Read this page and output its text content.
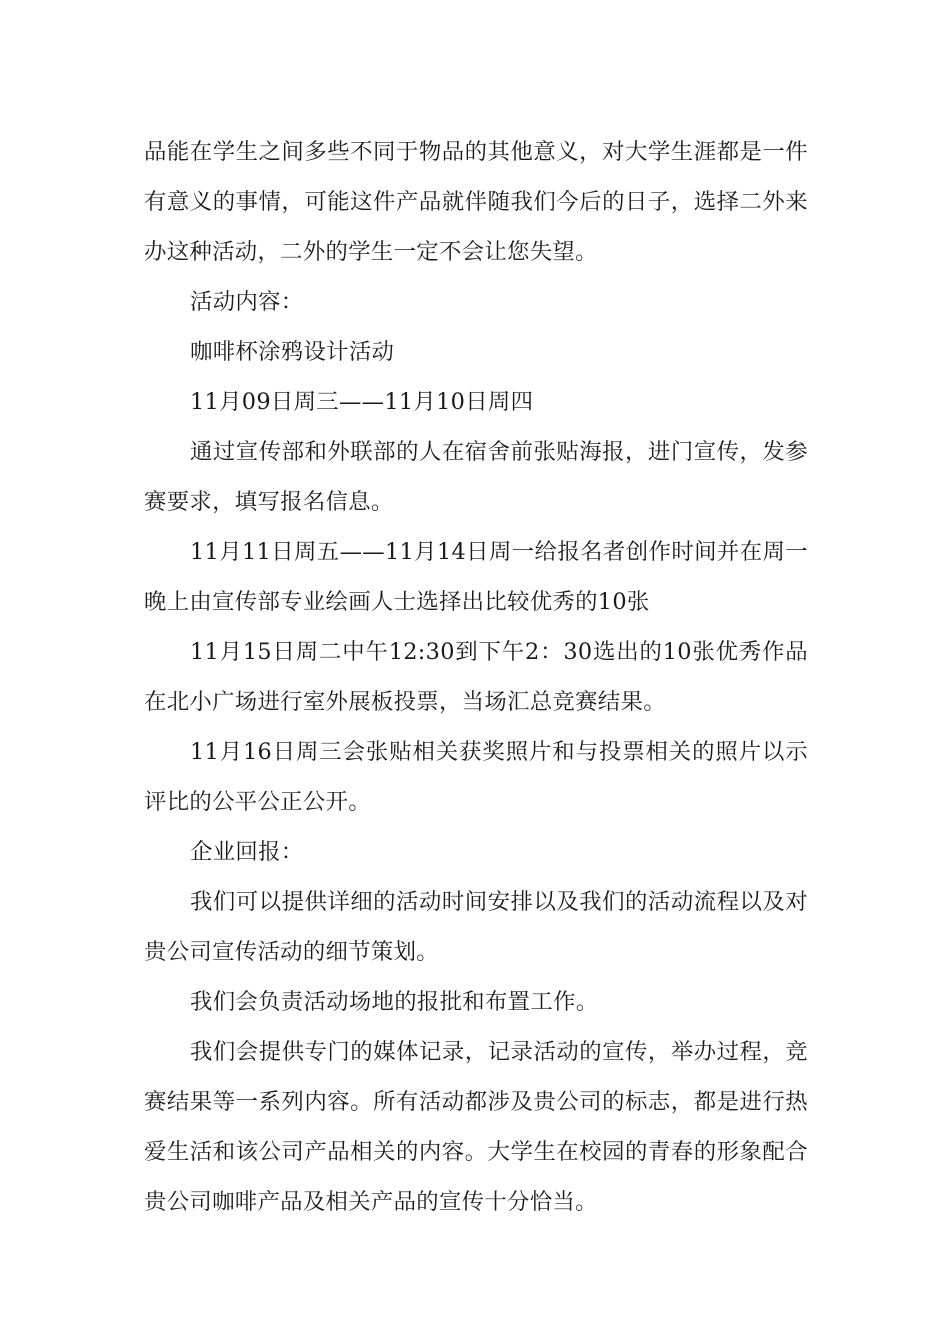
品能在学生之间多些不同于物品的其他意义，对大学生涯都是一件有意义的事情，可能这件产品就伴随我们今后的日子，选择二外来办这种活动，二外的学生一定不会让您失望。

活动内容：

咖啡杯涂鸦设计活动

11月09日周三——11月10日周四

通过宣传部和外联部的人在宿舍前张贴海报，进门宣传，发参赛要求，填写报名信息。

11月11日周五——11月14日周一给报名者创作时间并在周一晚上由宣传部专业绘画人士选择出比较优秀的10张

11月15日周二中午12:30到下午2：30选出的10张优秀作品在北小广场进行室外展板投票，当场汇总竞赛结果。

11月16日周三会张贴相关获奖照片和与投票相关的照片以示评比的公平公正公开。

企业回报：

我们可以提供详细的活动时间安排以及我们的活动流程以及对贵公司宣传活动的细节策划。

我们会负责活动场地的报批和布置工作。

我们会提供专门的媒体记录，记录活动的宣传，举办过程，竞赛结果等一系列内容。所有活动都涉及贵公司的标志，都是进行热爱生活和该公司产品相关的内容。大学生在校园的青春的形象配合贵公司咖啡产品及相关产品的宣传十分恰当。
